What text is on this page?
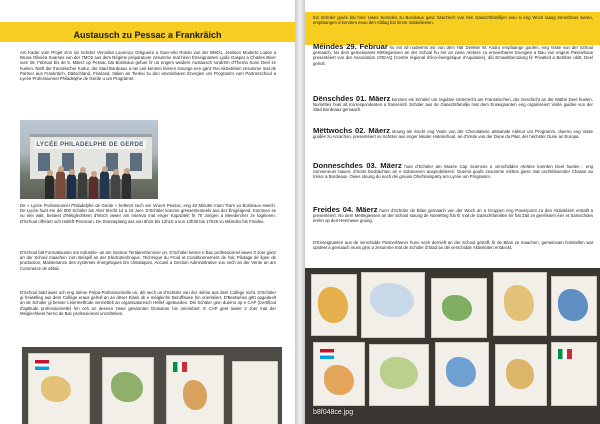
Austausch zu Pessac a Frankräich

Am Kader vum Projet zinn six Schüler Veronika Lourenço Ortigueira a Gian-Vito Rotolo vun der BMO1, Jenilson Moderto Lopes a Bruna Oliveira Soarses vun der 7MO2 aus dem Régime préparatoire zesumme mat hiren Enseignanten Lydie Gaspar a Charles Biver vum 28. Februar bis de 5. Mäerz op Pessac bäi Bordeaux gefuer fir un engem weidere Austausch rondrëm d'Thema Sonn Deel ze huelen. Nieft der franséischer Kultur, der Stad Bordeaux a nei Leit kennen léieren stounge een ganz Rei Aktivitéiten zesumme mat de Partner aus Frankräich, Däitschland, Finnland, Italien an Tierkei zu den ameriebaren Energien um Programm vum Partnerschoul a Lycée Professionnel Philadelphe de Gerde u um Programm.

LYCÉE PHILADELPHE DE GERDE

De « Lycée Professionnel Philadelphe de Gerde » befënnt sech am Viruert Pessac, eng 40 Minutte mam Tram vu Bordeaux ewech. De Lycée huet ëm déi 500 Schüler am Alter tëscht 14 a 19 Joer. D'Schüler komme grëssententeels aus der Ëmgéigend. Kommen se vu méi wäit, besteet d'Méiglechkeet d'Woch iwwer am Internat mat enger Kapazitéit fir 70 Jongen a Meedercher ze logéieren. D'Schoul offréiert och Halleft-Pensioun. De Stonneplang ass vun 8h15 bis 12h10 a vun 13h30 bis 17h25 vu Méindes bis Freides.

D'Schoul bitt Formatiounen am Industrie- an am Secteur Tertiaire/Servicer un. D'Schüler kënne e Bac professionnel iwwer 3 Joer ganz an der Schoul maachen zum Beispill an der Electrotechnique, Technique du Froid et Conditionnement de l'air, Pilotage de ligne de production, Maintenance des systèmes énergétiques tim climatiques, Accueil a Gestion Administrative vun sech an der Vente an am Commerce de détail.

D'Schoul bidd awer och eng 3ième Prépa-Professionnelle un, déi sech un d'Schüler vun der 4ième aus dem Collège riicht. D'Schüler gi freiwëlleg aus dem Collège eraus geholl an an dëser Klass ob e méigleche Beruffswee hin orientéiert. D'Bestwéiss gëtt opgedeelt an de Schüler gi besser Léiermethode vermëttelt an organisatoresch Hëllef ugebueden. Déi Schüler ginn duerno op e CAP (Certificat d'aptitude professionnelle) hin och an deenen zwee genannten Domainer hin orientéiert. E CAP geet iwwer 2 Joer mat der Méiglechkeet herno de Bac professionnel unzefänken.

Eis Schüler goufe bäi hirer Uwes Sonndes zu Bordeaux ganz häerzlech vun hire Gaaschtfamilljen wou si eng Woch laang ënnerbruet waren, empfaangen a konnten esou den Alldag bäi hinne matierliewen.

Méindes 29. Februar hu mir all nodeems mir vun dem Här Direkter M. Andro empfaange goufen, eng Visite vun der Schoul gemaach. No dem gemeinsame Mëttegiessen an der Schoul hu mir an zwee Ateliere zu erneierbaren Energien a Bau vun engem Passivhaus presentéiert vun der Association CREAQ (Centre régional d'éco-énergétique d'Aquitaine), déi Emweltberodung fir Privatleit a Betriber ubitt, Deel geholl.

Dënschdes 01. Mäerz konnten eis Schüler um reguläre Unterrecht am Franséischen, der Geschicht an der Mathé Deel huelen. Nomëttes huet all Korrespondenten a franséisch Schüler aus de Gaaschtfamillje mat dem Enseignanten eng organiséiert Visite guidée vun der Stad Bordeaux gemaach.

Mëttwochs 02. Mäerz stoung als éischt eng Visite vun der Chocolaterie artisanale Aliénor um Programm, duerno eng Visite guidée zu Arcachon, presentéiert vu Schüler aus enger lokaler Hotelschoul, an d'Visite vun der Dune du Pilat, der héchster Dune an Europa.

Donneschdes 03. Mäerz huet d'Schüler am Musée Cap Sciences u verschidden Ateliere konnten Deel huelen : eng Sonneneuer bauen, d'Sonn beobachten an e Solarueven ausprobéieren. Duerno goufe zesumme méttes giess mat uschléissender Chasse au trésor a Bordeaux. Owes stoung du noch déi grouss Ofschlossparty am Lycée um Programm.

Freides 04. Mäerz hunn d'Schüler de Bilan gemaach vun der Woch an a Gruppen eng Powerpoint zu den Aktivitéiten erstallt a presentéiert. No dem Mëttegiessen an der Schoul stoung de Nomëtteg fräi fir mat de Gaaschtfamillen hir fräi Zäit ze genéissen éier et Samschdes eréim op den Heemwee goung.

D'Enseignanten aus de verschidde Partnerlänner hunn sech dernieft an der Schoul getraff, fir de Bilan ze maachen, gemeinsam feststellen wat opsteet a gemaach muss ginn a zesumme mat de Schüler d'Stad an déi verschidde Aktivitéiten entdeckt.

b8f048ce.jpg
